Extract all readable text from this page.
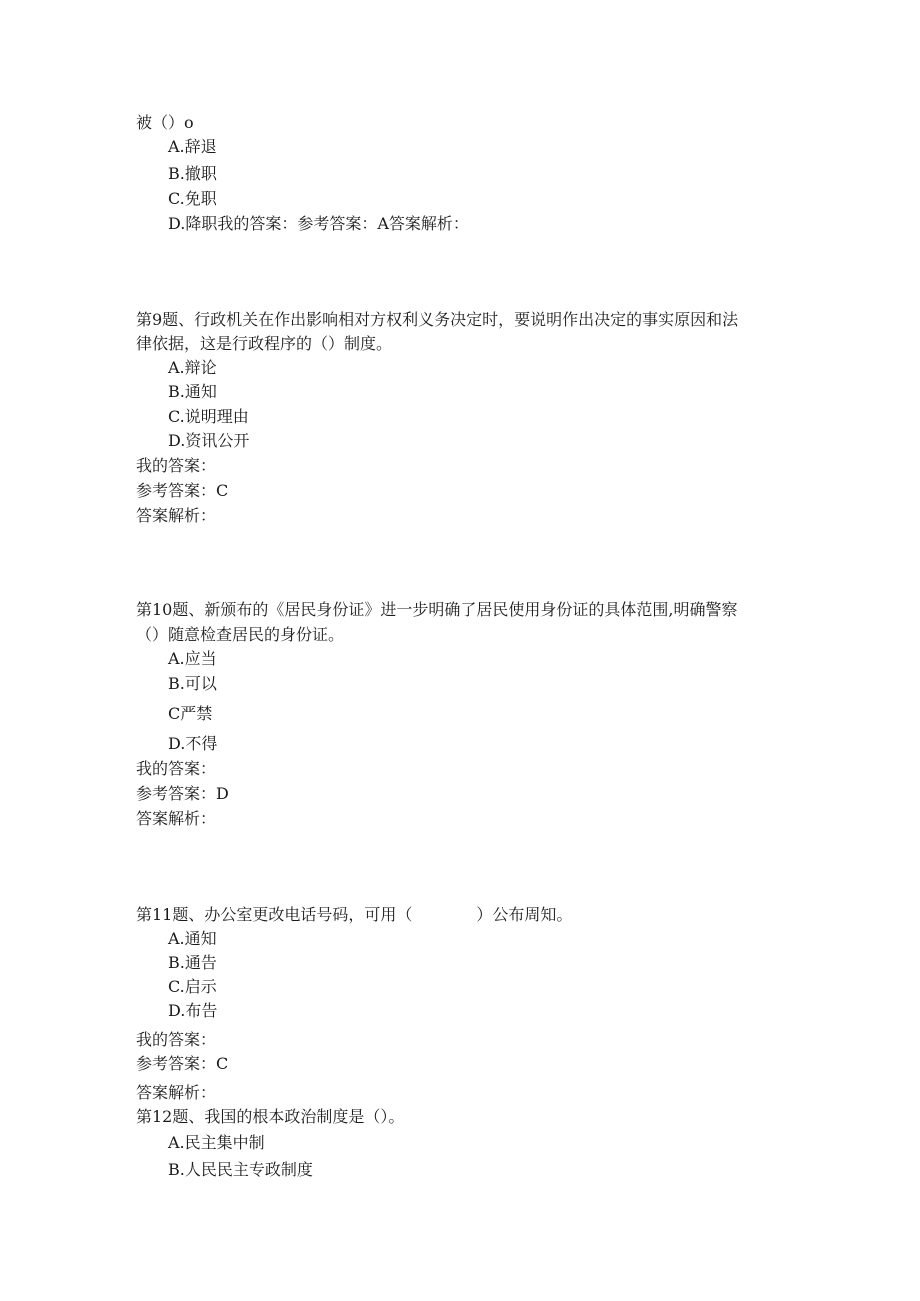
被（）o
A.辞退
B.撤职
C.免职
D.降职我的答案：参考答案：A答案解析：
第9题、行政机关在作出影响相对方权利义务决定时，要说明作出决定的事实原因和法
律依据，这是行政程序的（）制度。
A.辩论
B.通知
C.说明理由
D.资讯公开
我的答案：
参考答案：C
答案解析：
第10题、新颁布的《居民身份证》进一步明确了居民使用身份证的具体范围,明确警察
（）随意检查居民的身份证。
A.应当
B.可以
C严禁
D.不得
我的答案：
参考答案：D
答案解析：
第11题、办公室更改电话号码，可用（　　　　）公布周知。
A.通知
B.通告
C.启示
D.布告
我的答案：
参考答案：C
答案解析：
第12题、我国的根本政治制度是（）。
A.民主集中制
B.人民民主专政制度
